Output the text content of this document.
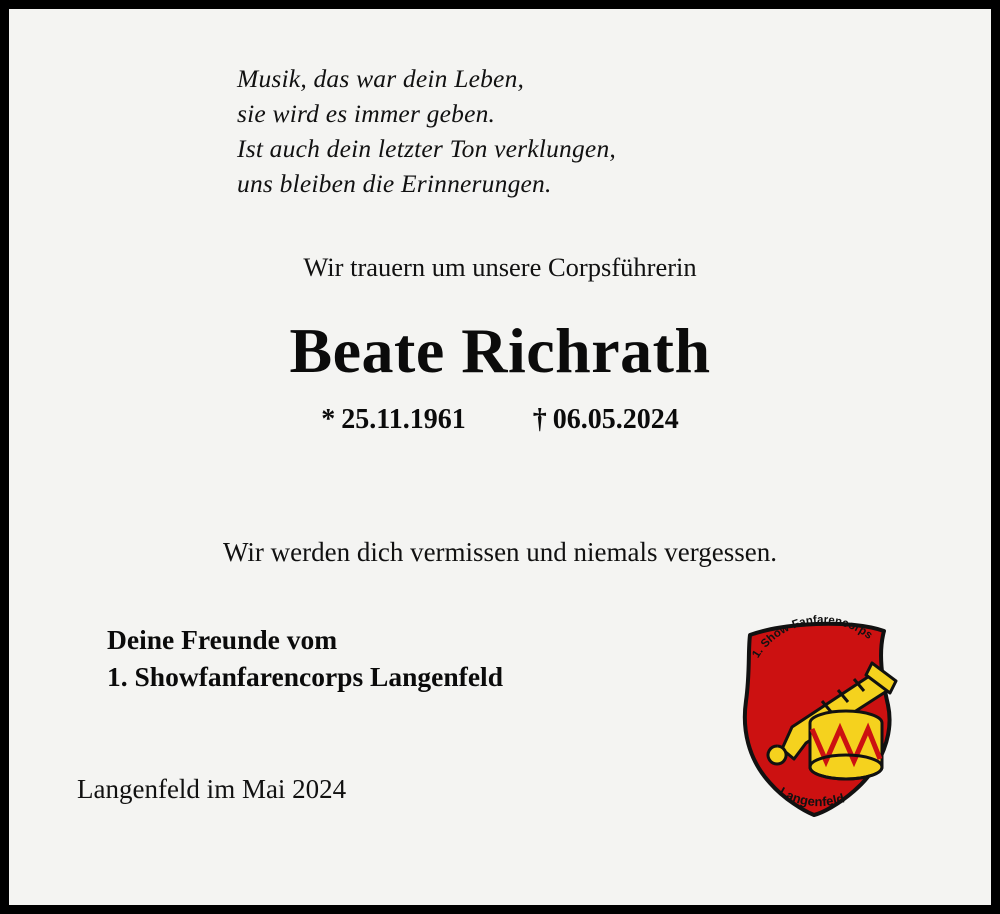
Musik, das war dein Leben,
sie wird es immer geben.
Ist auch dein letzter Ton verklungen,
uns bleiben die Erinnerungen.
Wir trauern um unsere Corpsführerin
Beate Richrath
* 25.11.1961 † 06.05.2024
Wir werden dich vermissen und niemals vergessen.
Deine Freunde vom
1. Showfanfarencorps Langenfeld
Langenfeld im Mai 2024
1. Show-Fanfarencorps
Langenfeld
